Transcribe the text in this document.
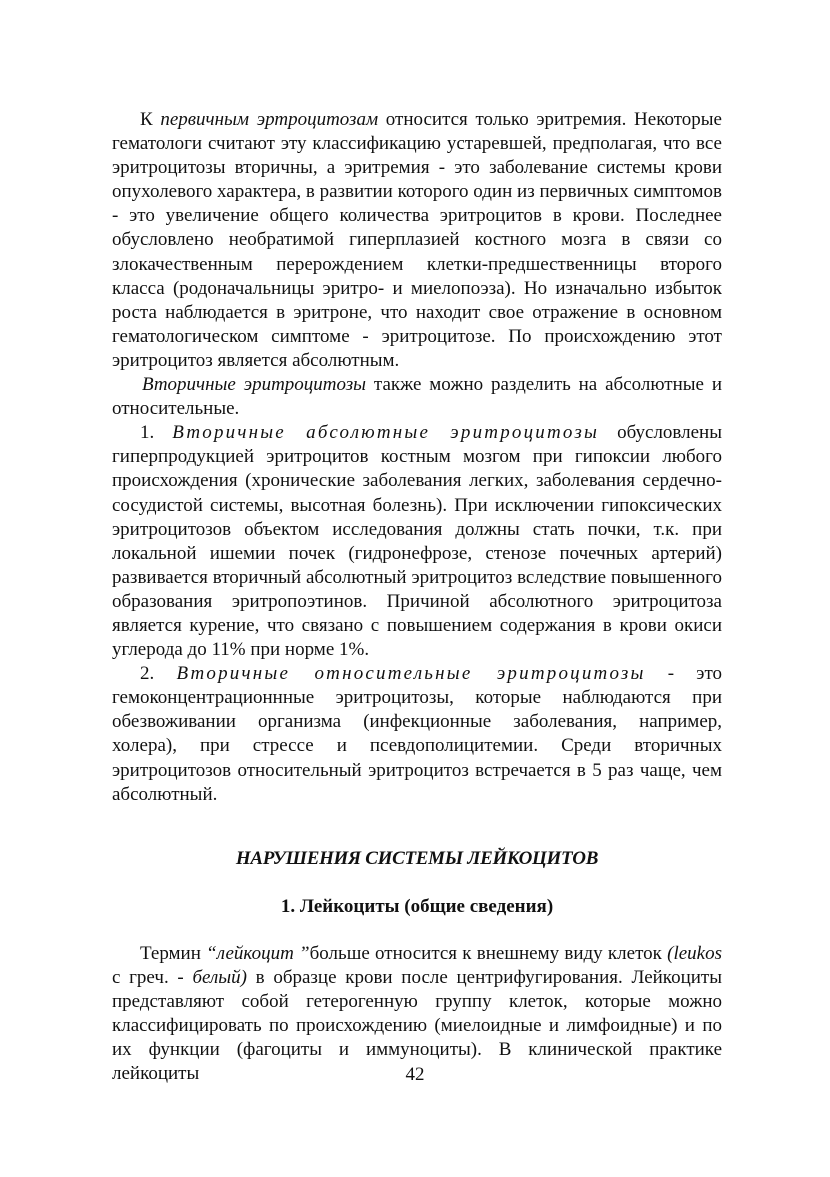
К первичным эртроцитозам относится только эритремия. Некоторые гематологи считают эту классификацию устаревшей, предполагая, что все эритроцитозы вторичны, а эритремия - это заболевание системы крови опухолевого характера, в развитии которого один из первичных симптомов - это увеличение общего количества эритроцитов в крови. Последнее обусловлено необратимой гиперплазией костного мозга в связи со злокачественным перерождением клетки-предшественницы второго класса (родоначальницы эритро- и миелопоэза). Но изначально избыток роста наблюдается в эритроне, что находит свое отражение в основном гематологическом симптоме - эритроцитозе. По происхождению этот эритроцитоз является абсолютным.

Вторичные эритроцитозы также можно разделить на абсолютные и относительные.

1. Вторичные абсолютные эритроцитозы обусловлены гиперпродукцией эритроцитов костным мозгом при гипоксии любого происхождения (хронические заболевания легких, заболевания сердечно-сосудистой системы, высотная болезнь). При исключении гипоксических эритроцитозов объектом исследования должны стать почки, т.к. при локальной ишемии почек (гидронефрозе, стенозе почечных артерий) развивается вторичный абсолютный эритроцитоз вследствие повышенного образования эритропоэтинов. Причиной абсолютного эритроцитоза является курение, что связано с повышением содержания в крови окиси углерода до 11% при норме 1%.

2. Вторичные относительные эритроцитозы - это гемоконцентрационнные эритроцитозы, которые наблюдаются при обезвоживании организма (инфекционные заболевания, например, холера), при стрессе и псевдополицитемии. Среди вторичных эритроцитозов относительный эритроцитоз встречается в 5 раз чаще, чем абсолютный.

НАРУШЕНИЯ СИСТЕМЫ ЛЕЙКОЦИТОВ
1. Лейкоциты (общие сведения)

Термин “лейкоцит ”больше относится к внешнему виду клеток (leukos с греч. - белый) в образце крови после центрифугирования. Лейкоциты представляют собой гетерогенную группу клеток, которые можно классифицировать по происхождению (миелоидные и лимфоидные) и по их функции (фагоциты и иммуноциты). В клинической практике лейкоциты	42
